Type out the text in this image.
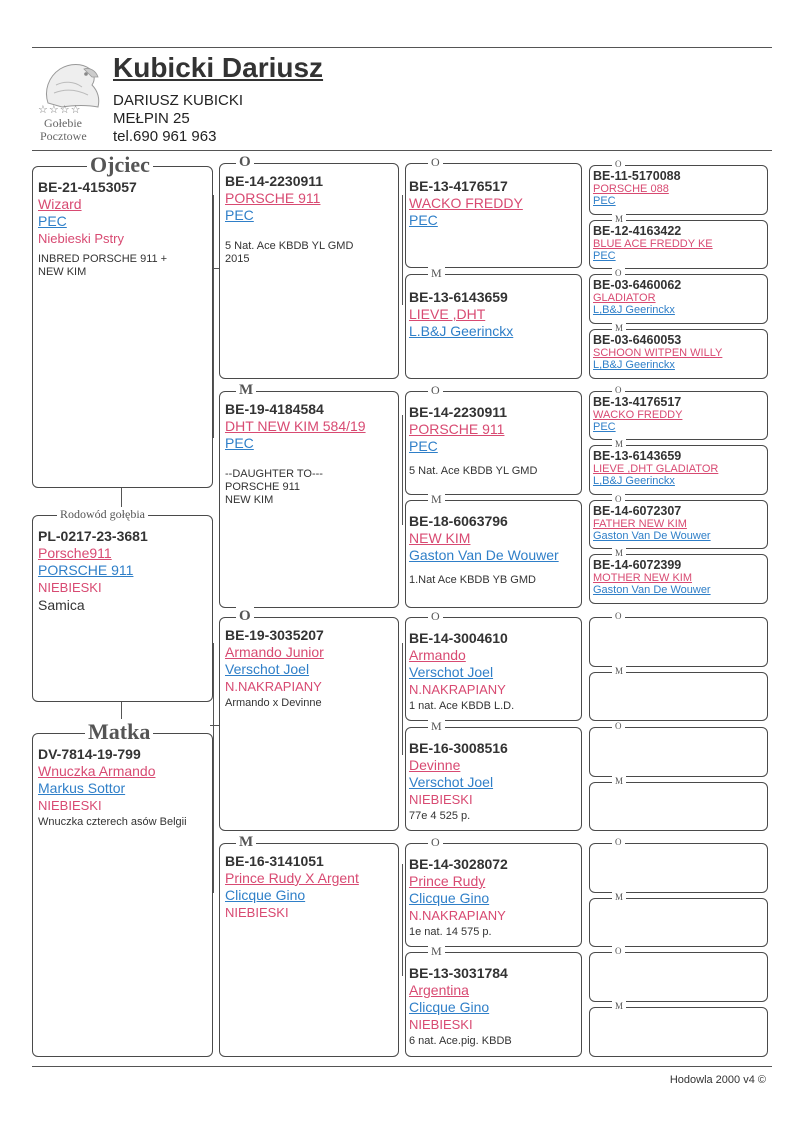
☆☆☆☆
Gołebie
Pocztowe
Kubicki Dariusz
DARIUSZ KUBICKI
MEŁPIN 25
tel.690 961 963
Rodowód gołębia
PL-0217-23-3681
Porsche911
PORSCHE 911
NIEBIESKI
Samica
Ojciec
BE-21-4153057
Wizard
PEC
Niebieski Pstry
INBRED PORSCHE 911 +
NEW KIM
Matka
DV-7814-19-799
Wnuczka Armando
Markus Sottor
NIEBIESKI
Wnuczka czterech asów Belgii
O
BE-14-2230911
PORSCHE 911
PEC
5 Nat. Ace KBDB YL GMD
2015
M
BE-19-4184584
DHT NEW KIM 584/19
PEC
--DAUGHTER TO---
PORSCHE 911
NEW KIM
O
BE-19-3035207
Armando Junior
Verschot Joel
N.NAKRAPIANY
Armando x Devinne
M
BE-16-3141051
Prince Rudy X Argent
Clicque Gino
NIEBIESKI
O
BE-13-4176517
WACKO FREDDY
PEC
M
BE-13-6143659
LIEVE ,DHT
L.B&J Geerinckx
O
BE-14-2230911
PORSCHE 911
PEC
5 Nat. Ace KBDB YL GMD
M
BE-18-6063796
NEW KIM
Gaston Van De Wouwer
1.Nat Ace KBDB YB GMD
O
BE-14-3004610
Armando
Verschot Joel
N.NAKRAPIANY
1 nat. Ace KBDB L.D.
M
BE-16-3008516
Devinne
Verschot Joel
NIEBIESKI
77e 4 525 p.
O
BE-14-3028072
Prince Rudy
Clicque Gino
N.NAKRAPIANY
1e nat. 14 575 p.
M
BE-13-3031784
Argentina
Clicque Gino
NIEBIESKI
6 nat. Ace.pig. KBDB
O
BE-11-5170088
PORSCHE 088
PEC
M
BE-12-4163422
BLUE ACE FREDDY KE
PEC
O
BE-03-6460062
GLADIATOR
L,B&J Geerinckx
M
BE-03-6460053
SCHOON WITPEN WILLY
L,B&J Geerinckx
O
BE-13-4176517
WACKO FREDDY
PEC
M
BE-13-6143659
LIEVE ,DHT GLADIATOR
L,B&J Geerinckx
O
BE-14-6072307
FATHER NEW KIM
Gaston Van De Wouwer
M
BE-14-6072399
MOTHER NEW KIM
Gaston Van De Wouwer
O
M
O
M
O
M
O
M
Hodowla 2000 v4 ©
